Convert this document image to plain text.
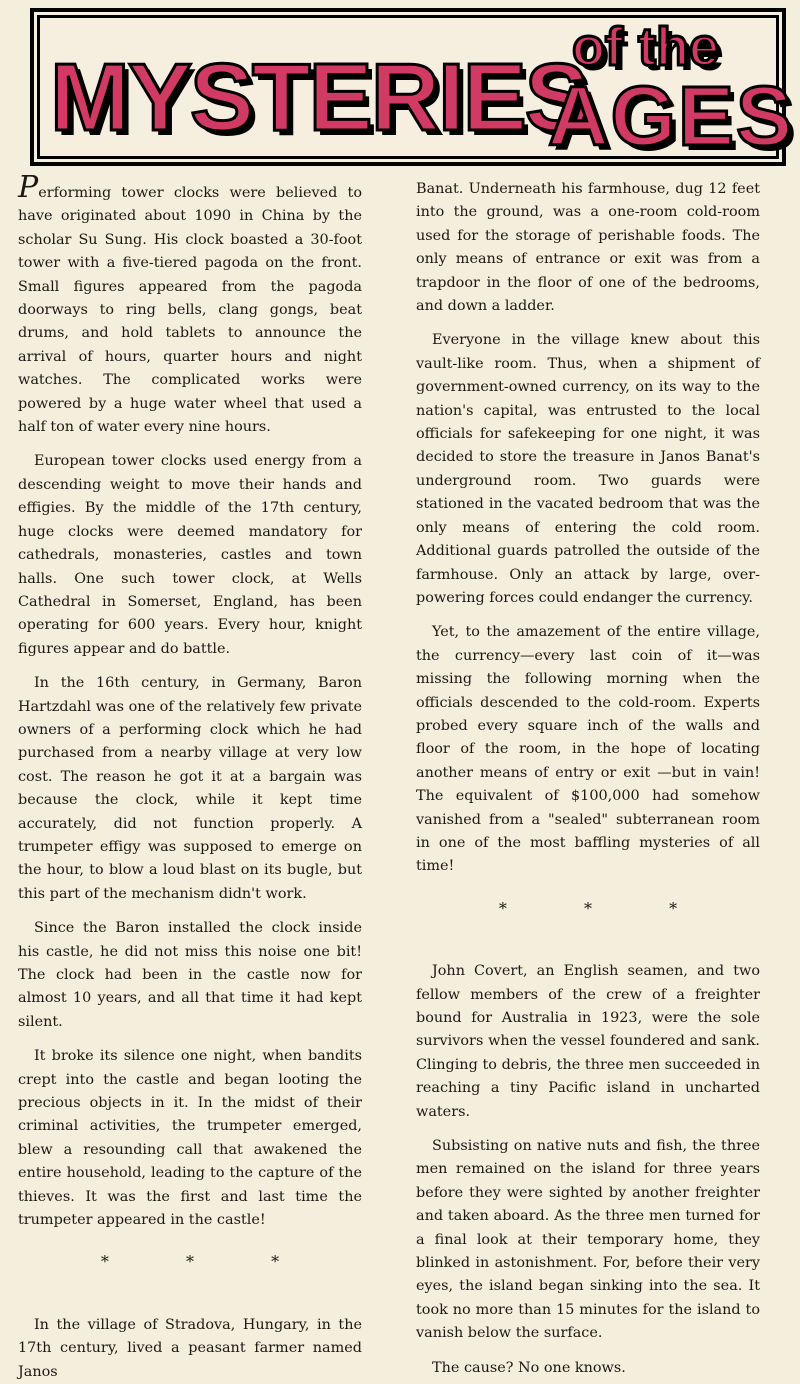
MYSTERIES
of the
AGES

Performing tower clocks were believed to have originated about 1090 in China by the scholar Su Sung. His clock boasted a 30-foot tower with a five-tiered pagoda on the front. Small figures appeared from the pagoda doorways to ring bells, clang gongs, beat drums, and hold tablets to announce the arrival of hours, quarter hours and night watches. The complicated works were powered by a huge water wheel that used a half ton of water every nine hours.

European tower clocks used energy from a descending weight to move their hands and effigies. By the middle of the 17th century, huge clocks were deemed mandatory for cathedrals, monasteries, castles and town halls. One such tower clock, at Wells Cathedral in Somerset, England, has been operating for 600 years. Every hour, knight figures appear and do battle.

In the 16th century, in Germany, Baron Hartzdahl was one of the relatively few private owners of a performing clock which he had purchased from a nearby village at very low cost. The reason he got it at a bargain was because the clock, while it kept time accurately, did not function properly. A trumpeter effigy was supposed to emerge on the hour, to blow a loud blast on its bugle, but this part of the mechanism didn't work.

Since the Baron installed the clock inside his castle, he did not miss this noise one bit! The clock had been in the castle now for almost 10 years, and all that time it had kept silent.

It broke its silence one night, when bandits crept into the castle and began looting the precious objects in it. In the midst of their criminal activities, the trumpeter emerged, blew a resounding call that awakened the entire household, leading to the capture of the thieves. It was the first and last time the trumpeter appeared in the castle!

* * *

In the village of Stradova, Hungary, in the 17th century, lived a peasant farmer named Janos

Banat. Underneath his farmhouse, dug 12 feet into the ground, was a one-room cold-room used for the storage of perishable foods. The only means of entrance or exit was from a trapdoor in the floor of one of the bedrooms, and down a ladder.

Everyone in the village knew about this vault-like room. Thus, when a shipment of government-owned currency, on its way to the nation's capital, was entrusted to the local officials for safekeeping for one night, it was decided to store the treasure in Janos Banat's underground room. Two guards were stationed in the vacated bedroom that was the only means of entering the cold room. Additional guards patrolled the outside of the farmhouse. Only an attack by large, over-powering forces could endanger the currency.

Yet, to the amazement of the entire village, the currency—every last coin of it—was missing the following morning when the officials descended to the cold-room. Experts probed every square inch of the walls and floor of the room, in the hope of locating another means of entry or exit —but in vain! The equivalent of $100,000 had somehow vanished from a "sealed" subterranean room in one of the most baffling mysteries of all time!

* * *

John Covert, an English seamen, and two fellow members of the crew of a freighter bound for Australia in 1923, were the sole survivors when the vessel foundered and sank. Clinging to debris, the three men succeeded in reaching a tiny Pacific island in uncharted waters.

Subsisting on native nuts and fish, the three men remained on the island for three years before they were sighted by another freighter and taken aboard. As the three men turned for a final look at their temporary home, they blinked in astonishment. For, before their very eyes, the island began sinking into the sea. It took no more than 15 minutes for the island to vanish below the surface.

The cause? No one knows.
